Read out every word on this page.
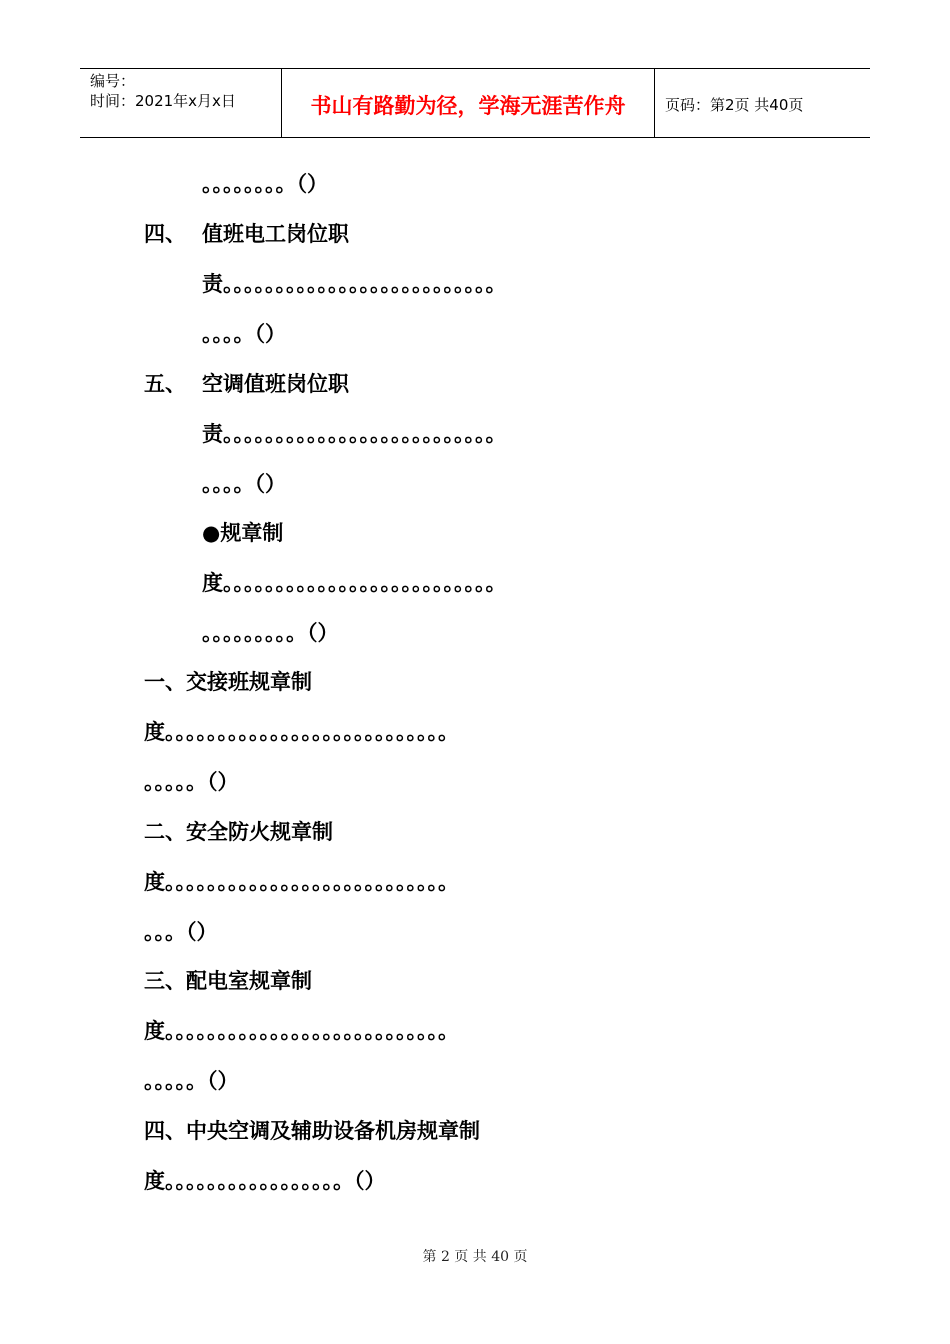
编号：
时间：2021年x月x日	书山有路勤为径，学海无涯苦作舟	页码：第2页 共40页
。。。。。。。。（）
四、 值班电工岗位职
责。。。。。。。。。。。。。。。。。。。。。。。。。。
。。。。（）
五、 空调值班岗位职
责。。。。。。。。。。。。。。。。。。。。。。。。。。
。。。。（）
●规章制
度。。。。。。。。。。。。。。。。。。。。。。。。。。
。。。。。。。。。（）
一、交接班规章制
度。。。。。。。。。。。。。。。。。。。。。。。。。。。
。。。。。（）
二、安全防火规章制
度。。。。。。。。。。。。。。。。。。。。。。。。。。。
。。。（）
三、配电室规章制
度。。。。。。。。。。。。。。。。。。。。。。。。。。。
。。。。。（）
四、中央空调及辅助设备机房规章制
度。。。。。。。。。。。。。。。。。（）
第 2 页 共 40 页
